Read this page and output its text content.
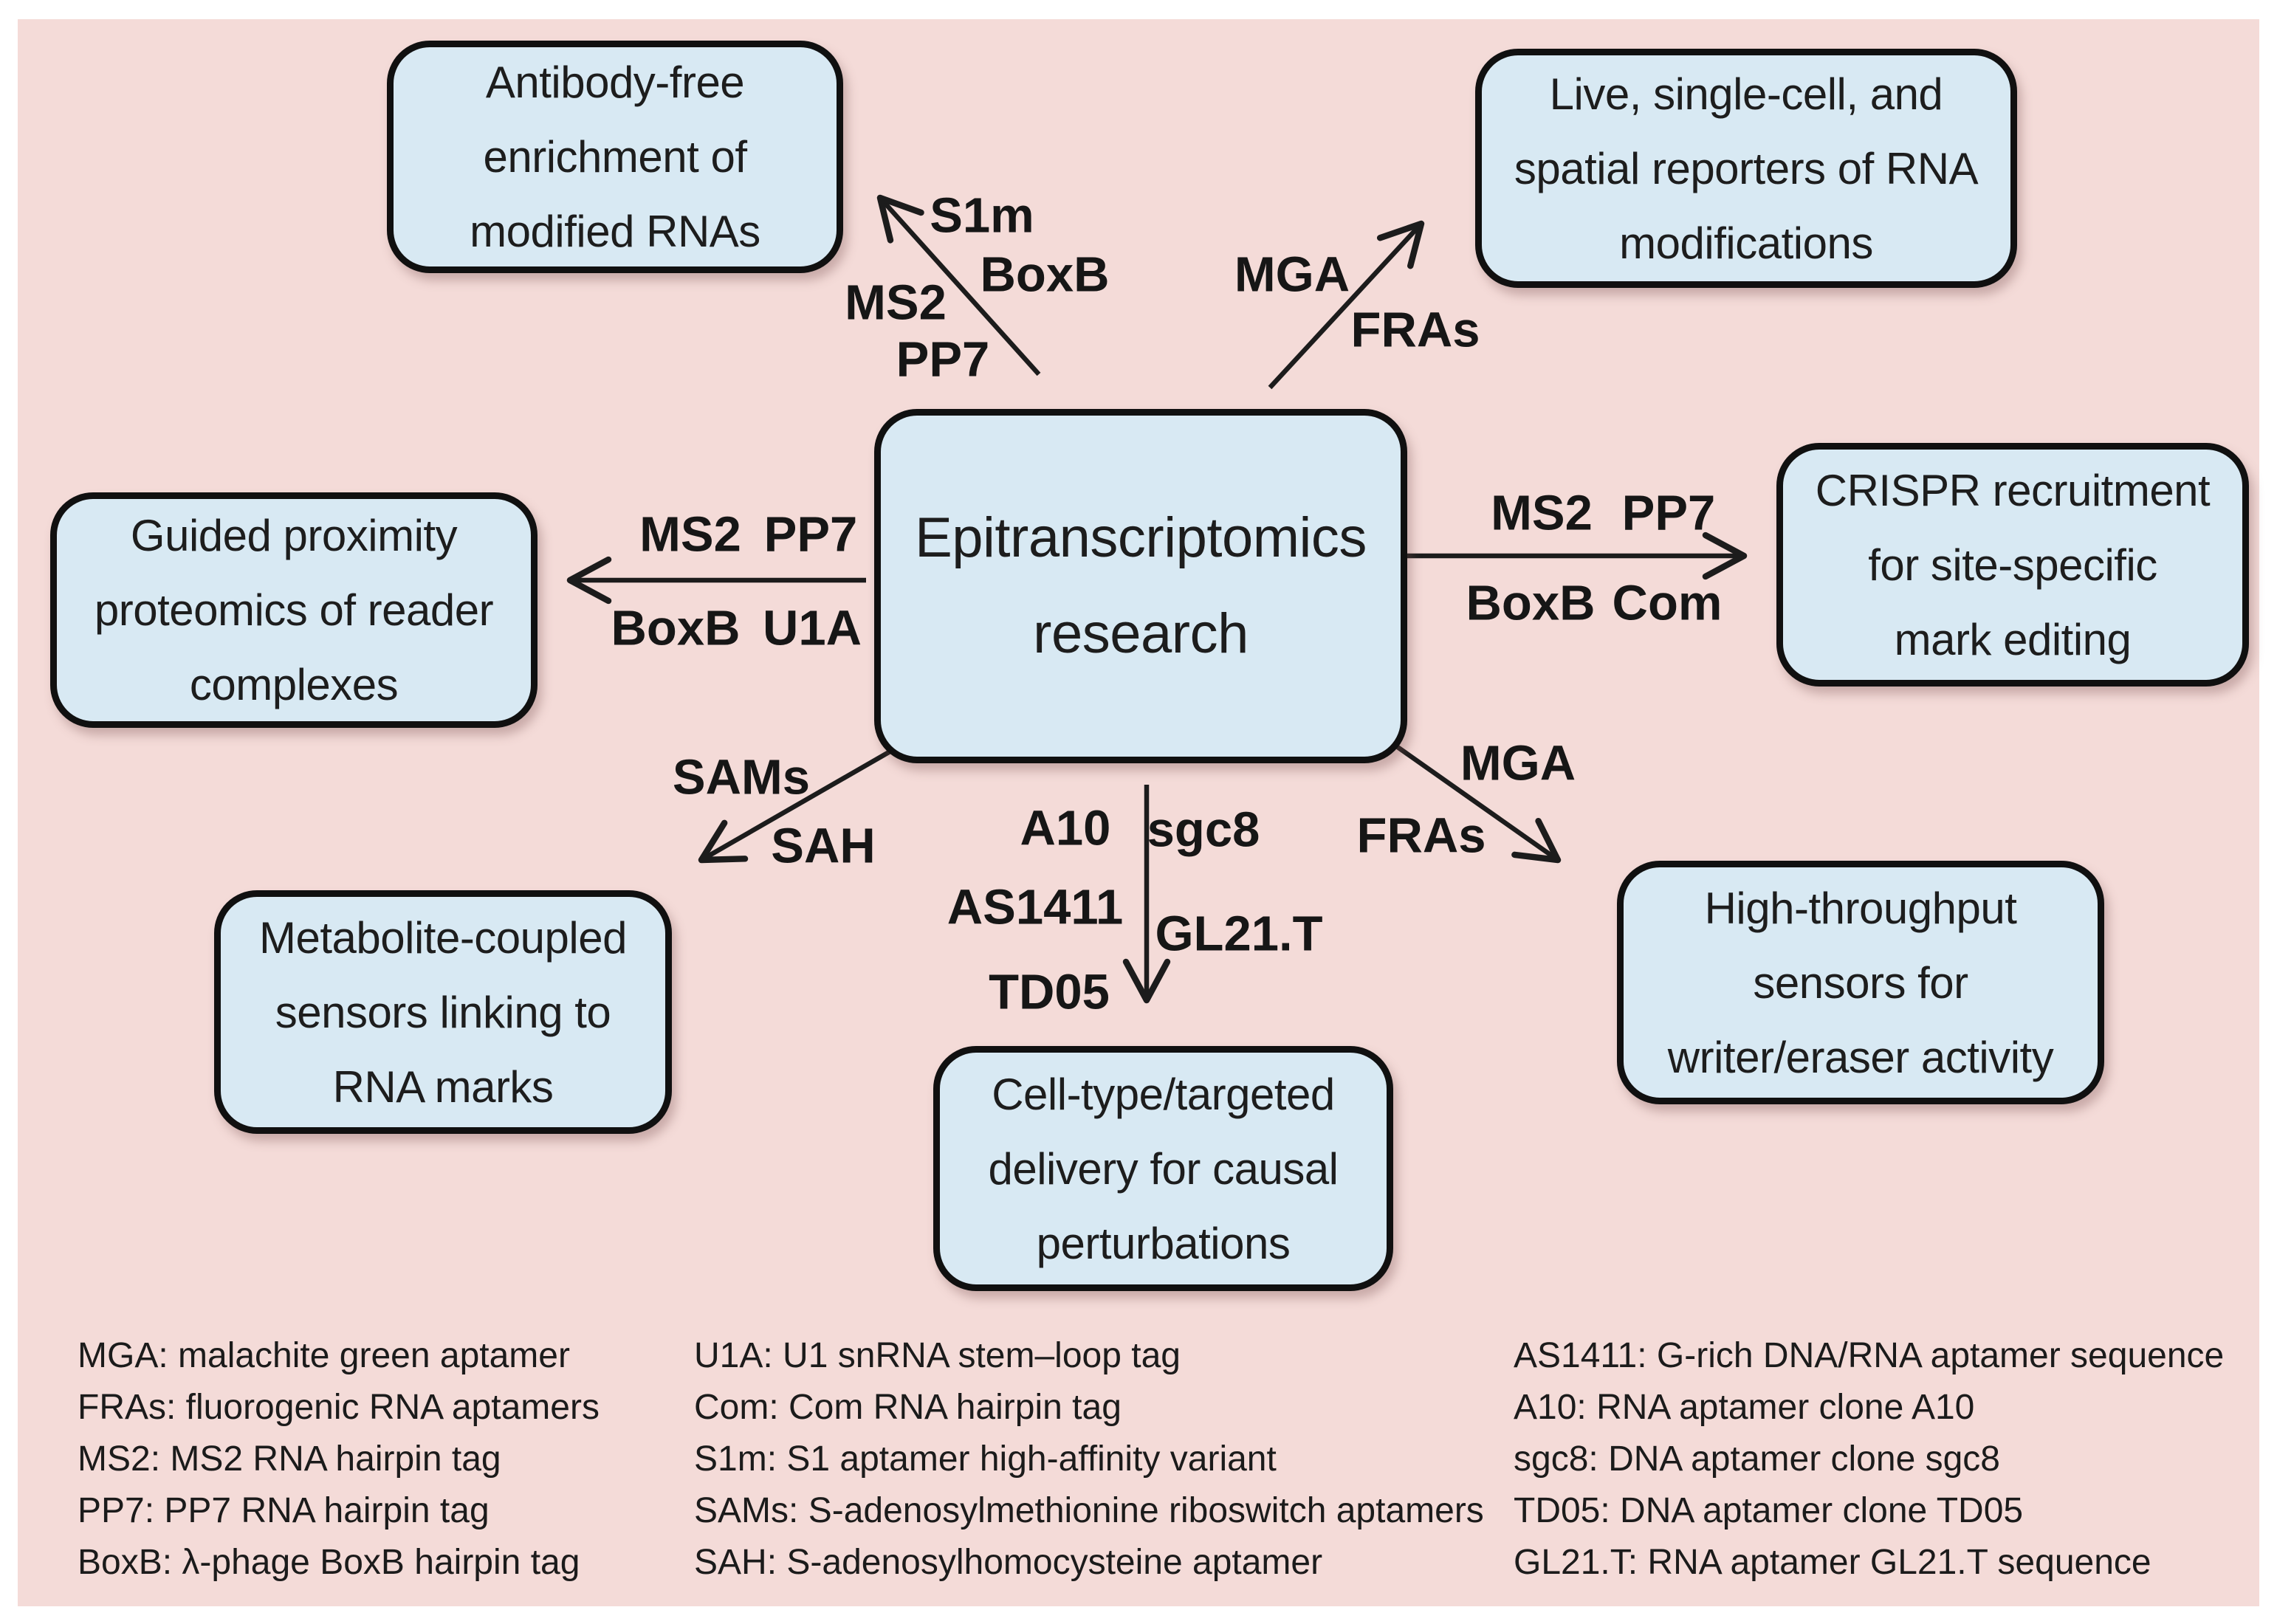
Epitranscriptomics
research
Antibody-free
enrichment of
modified RNAs
Live, single-cell, and
spatial reporters of RNA
modifications
Guided proximity
proteomics of reader
complexes
CRISPR recruitment
for site-specific
mark editing
Metabolite-coupled
sensors linking to
RNA marks	Cell-type/targeted
delivery for causal
perturbations
High-throughput
sensors for
writer/eraser activity
S1m
BoxB
MS2
PP7
MGA
FRAs
MS2 PP7
BoxB U1A
MS2 PP7
BoxB Com
SAMs
SAH	A10 sgc8
AS1411 GL21.T
TD05
MGA
FRAs
MGA: malachite green aptamer
FRAs: fluorogenic RNA aptamers
MS2: MS2 RNA hairpin tag
PP7: PP7 RNA hairpin tag
BoxB: λ-phage BoxB hairpin tag
U1A: U1 snRNA stem–loop tag
Com: Com RNA hairpin tag
S1m: S1 aptamer high-affinity variant
SAMs: S-adenosylmethionine riboswitch aptamers
SAH: S-adenosylhomocysteine aptamer
AS1411: G-rich DNA/RNA aptamer sequence
A10: RNA aptamer clone A10
sgc8: DNA aptamer clone sgc8
TD05: DNA aptamer clone TD05
GL21.T: RNA aptamer GL21.T sequence
